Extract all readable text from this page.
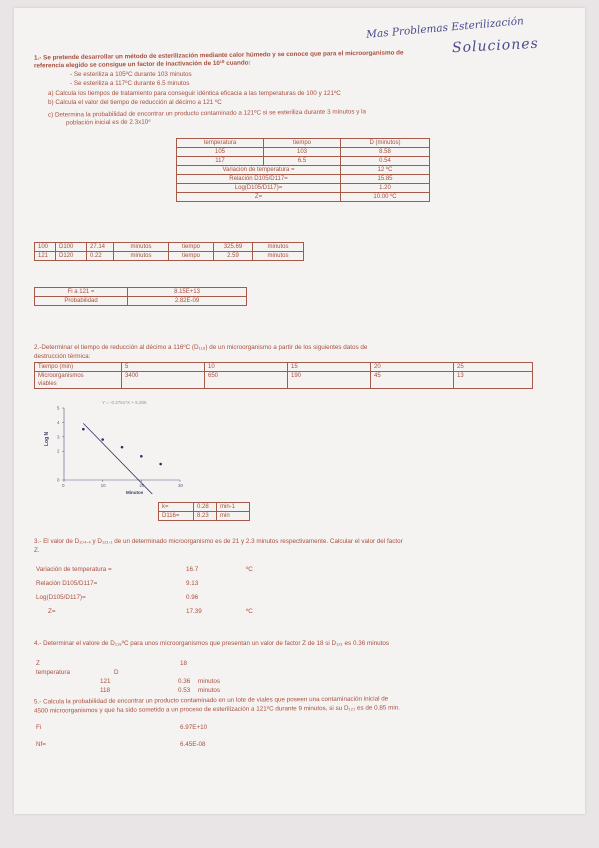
Mas Problemas Esterilización
Soluciones
1.- Se pretende desarrollar un método de esterilización mediante calor húmedo y se conoce que para el microorganismo de
referencia elegido se consigue un factor de inactivación de 10¹⁰ cuando:
- Se esteriliza a 105ºC durante 103 minutos
- Se esteriliza a 117ºC durante 6.5 minutos
a) Calcula los tiempos de tratamiento para conseguir idéntica eficacia a las temperaturas de 100 y 121ºC
b) Calcula el valor del tiempo de reducción al décimo a 121 ºC
c) Determina la probabilidad de encontrar un producto contaminado a 121ºC si se esteriliza durante 3 minutos y la
población inicial es de 2.3x10⁶
temperatura	tiempo	D (minutos)
105	103	8.58
117	6.5	0.54
Variacion de temperatura =		12 ºC
Relación D105/D117=		15.85
Log(D105/D117)=		1.20
Z=		10.00 ºC
100	D100	27.14	minutos	tiempo	325.69	minutos
121	D120	0.22	minutos	tiempo	2.59	minutos
Fi a 121 =	8.15E+13
Probabilidad	2.82E-09
2.-Determinar el tiempo de reducción al décimo a 116ºC (D₁₁₆) de un microorganismo a partir de los siguientes datos de
destrucción térmica:
Tiempo (min)	5	10	15	20	25
Microorganismos
viables	3400	650	190	45	13
Y = -0.2751*X + 5.306
Log N
Minutos
0	10	20	30
0
2
3
4
5
k=	0.28	min-1
D116=	8.23	min
3.- El valor de D₁₀₄.₄ y D₁₂₁.₁ de un determinado microorganismo es de 21 y 2.3 minutos respectivamente. Calcular el valor del factor
Z.
Variación de temperatura =	16.7	ºC
Relación D105/D117=	9.13
Log(D105/D117)=	0.96
Z=	17.39	ºC
4.- Determinar el valore de D₁₁₈ºC para unos microorganismos que presentan un valor de factor Z de 18 si D₁₂₁ es 0.36 minutos
Z	18
temperatura	D
121	0.36 minutos
118	0.53 minutos
5.- Calcula la probabilidad de encontrar un producto contaminado en un lote de viales que poseen una contaminación inicial de
4500 microorganismos y que ha sido sometido a un proceso de esterilización a 121ºC durante 9 minutos, si su D₁₂₁ es de 0.85 min.
Fi	6.97E+10
Nf=	6.45E-08
